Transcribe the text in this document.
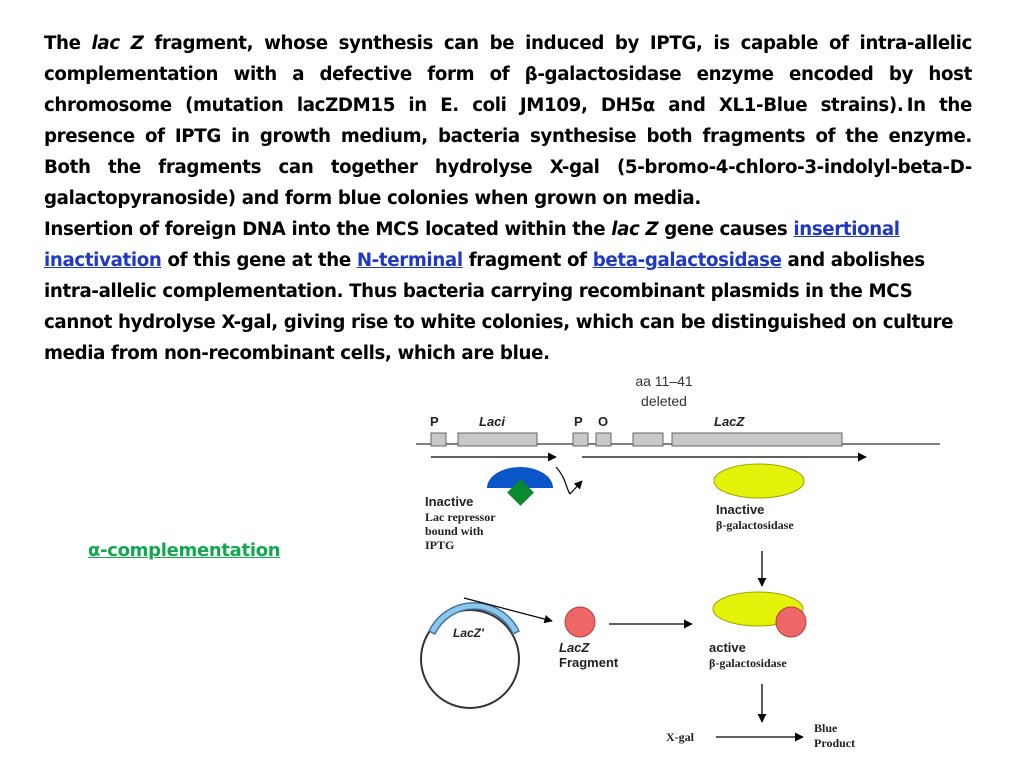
The lac Z fragment, whose synthesis can be induced by IPTG, is capable of intra-allelic complementation with a defective form of β-galactosidase enzyme encoded by host chromosome (mutation lacZDM15 in E. coli JM109, DH5α and XL1-Blue strains). In the presence of IPTG in growth medium, bacteria synthesise both fragments of the enzyme. Both the fragments can together hydrolyse X-gal (5-bromo-4-chloro-3-indolyl-beta-D-galactopyranoside) and form blue colonies when grown on media.

Insertion of foreign DNA into the MCS located within the lac Z gene causes insertional inactivation of this gene at the N-terminal fragment of beta-galactosidase and abolishes intra-allelic complementation. Thus bacteria carrying recombinant plasmids in the MCS cannot hydrolyse X-gal, giving rise to white colonies, which can be distinguished on culture media from non-recombinant cells, which are blue.

α-complementation
aa 11–41
deleted
P	Laci	P O	LacZ
Inactive
Lac repressor
bound with
IPTG
Inactive
β-galactosidase
LacZ'
LacZ
Fragment
active
β-galactosidase
X-gal
Blue
Product
